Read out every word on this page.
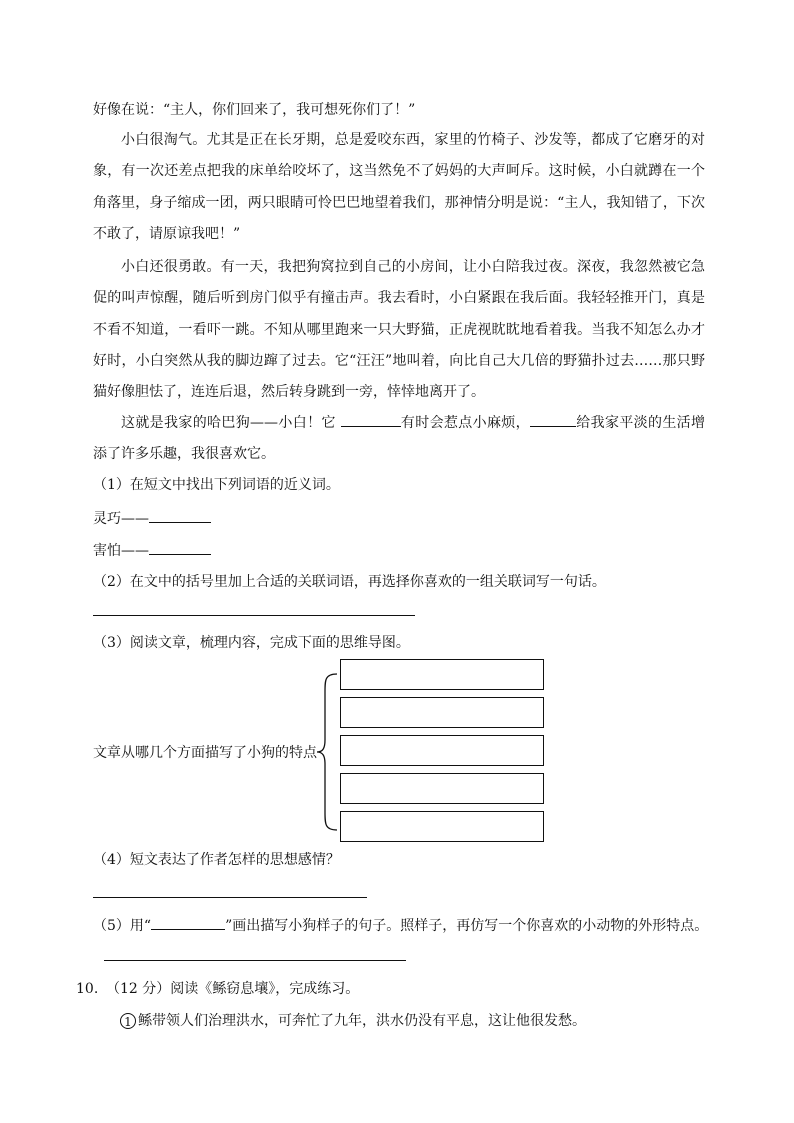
好像在说：“主人，你们回来了，我可想死你们了！”
小白很淘气。尤其是正在长牙期，总是爱咬东西，家里的竹椅子、沙发等，都成了它磨牙的对象，有一次还差点把我的床单给咬坏了，这当然免不了妈妈的大声呵斥。这时候，小白就蹲在一个角落里，身子缩成一团，两只眼睛可怜巴巴地望着我们，那神情分明是说：“主人，我知错了，下次不敢了，请原谅我吧！”
小白还很勇敢。有一天，我把狗窝拉到自己的小房间，让小白陪我过夜。深夜，我忽然被它急促的叫声惊醒，随后听到房门似乎有撞击声。我去看时，小白紧跟在我后面。我轻轻推开门，真是不看不知道，一看吓一跳。不知从哪里跑来一只大野猫，正虎视眈眈地看着我。当我不知怎么办才好时，小白突然从我的脚边蹿了过去。它“汪汪”地叫着，向比自己大几倍的野猫扑过去……那只野猫好像胆怯了，连连后退，然后转身跳到一旁，悻悻地离开了。
这就是我家的哈巴狗——小白！它	有时会惹点小麻烦，	给我家平淡的生活增添了许多乐趣，我很喜欢它。
（1）在短文中找出下列词语的近义词。
灵巧——
害怕——
（2）在文中的括号里加上合适的关联词语，再选择你喜欢的一组关联词写一句话。
（3）阅读文章，梳理内容，完成下面的思维导图。
文章从哪几个方面描写了小狗的特点
（4）短文表达了作者怎样的思想感情？
（5）用“	”画出描写小狗样子的句子。照样子，再仿写一个你喜欢的小动物的外形特点。
10. （12 分）阅读《鲧窃息壤》，完成练习。
1 鲧带领人们治理洪水，可奔忙了九年，洪水仍没有平息，这让他很发愁。
